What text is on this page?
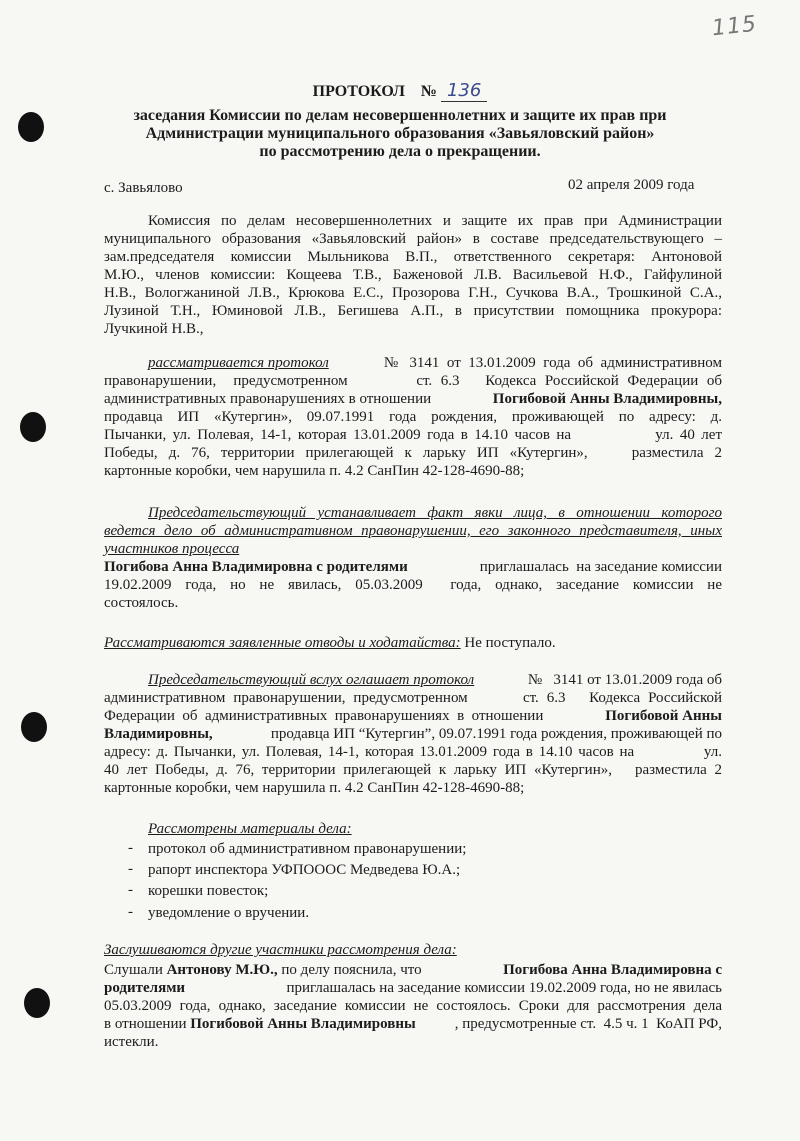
115
ПРОТОКОЛ № 136
заседания Комиссии по делам несовершеннолетних и защите их прав при
Администрации муниципального образования «Завьяловский район»
по рассмотрению дела о прекращении.
с. Завьялово	02 апреля 2009 года
Комиссия по делам несовершеннолетних и защите их прав при Администрации
муниципального образования «Завьяловский район» в составе председательствующего –
зам.председателя комиссии Мыльникова В.П., ответственного секретаря: Антоновой
М.Ю., членов комиссии: Кощеева Т.В., Баженовой Л.В. Васильевой Н.Ф., Гайфулиной
Н.В., Вологжаниной Л.В., Крюкова Е.С., Прозорова Г.Н., Сучкова В.А., Трошкиной С.А.,
Лузиной Т.Н., Юминовой Л.В., Бегишева А.П., в присутствии помощника прокурора:
Лучкиной Н.В.,
рассматривается протокол	№   3141  от  13.01.2009  года  об  административном
правонарушении,  предусмотренном        ст. 6.3   Кодекса Российской Федерации об
административных правонарушениях в отношении	Погибовой Анны Владимировны,
продавца ИП «Кутергин», 09.07.1991 года рождения, проживающей по адресу: д.
Пычанки, ул. Полевая, 14-1, которая 13.01.2009 года в 14.10 часов на             ул. 40 лет
Победы, д. 76, территории прилегающей к ларьку ИП «Кутергин»,    разместила 2
картонные коробки, чем нарушила п. 4.2 СанПин 42-128-4690-88;
Председательствующий устанавливает факт явки лица, в отношении которого
ведется дело об административном правонарушении, его законного представителя, иных
участников процесса
Погибова Анна Владимировна с родителями	приглашалась  на заседание комиссии
19.02.2009  года,  но  не  явилась,  05.03.2009    года,  однако,  заседание  комиссии  не
состоялось.
Рассматриваются заявленные отводы и ходатайства: Не поступало.
Председательствующий вслух оглашает протокол	№   3141 от 13.01.2009 года об
административном правонарушении, предусмотренном       ст. 6.3   Кодекса Российской
Федерации  об  административных  правонарушениях  в  отношении	Погибовой Анны
Владимировны,	продавца ИП “Кутергин”, 09.07.1991 года рождения, проживающей по
адресу: д. Пычанки, ул. Полевая, 14-1, которая 13.01.2009 года в 14.10 часов на            ул.
40 лет Победы, д. 76, территории прилегающей к ларьку ИП «Кутергин»,   разместила 2
картонные коробки, чем нарушила п. 4.2 СанПин 42-128-4690-88;
Рассмотрены материалы дела:
- протокол об административном правонарушении;
- рапорт инспектора УФПОООС Медведева Ю.А.;
- корешки повесток;
- уведомление о вручении.
Заслушиваются другие участники рассмотрения дела:
Слушали Антонову М.Ю., по делу пояснила, что	Погибова Анна Владимировна с
родителями	приглашалась на заседание комиссии 19.02.2009 года, но не явилась
05.03.2009 года, однако, заседание комиссии не состоялось. Сроки для рассмотрения дела
в отношении Погибовой Анны Владимировны	, предусмотренные ст.  4.5 ч. 1  КоАП РФ,
истекли.
